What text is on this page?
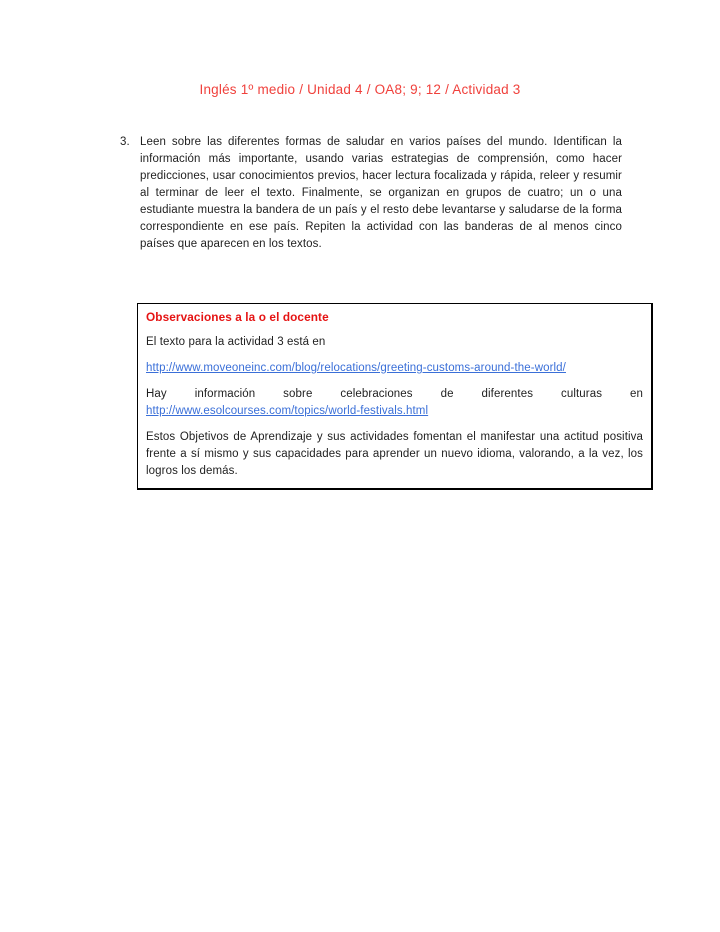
Inglés 1º medio / Unidad 4 / OA8; 9; 12 / Actividad 3
3. Leen sobre las diferentes formas de saludar en varios países del mundo. Identifican la información más importante, usando varias estrategias de comprensión, como hacer predicciones, usar conocimientos previos, hacer lectura focalizada y rápida, releer y resumir al terminar de leer el texto. Finalmente, se organizan en grupos de cuatro; un o una estudiante muestra la bandera de un país y el resto debe levantarse y saludarse de la forma correspondiente en ese país. Repiten la actividad con las banderas de al menos cinco países que aparecen en los textos.
Observaciones a la o el docente

El texto para la actividad 3 está en

http://www.moveoneinc.com/blog/relocations/greeting-customs-around-the-world/

Hay información sobre celebraciones de diferentes culturas en http://www.esolcourses.com/topics/world-festivals.html

Estos Objetivos de Aprendizaje y sus actividades fomentan el manifestar una actitud positiva frente a sí mismo y sus capacidades para aprender un nuevo idioma, valorando, a la vez, los logros los demás.
